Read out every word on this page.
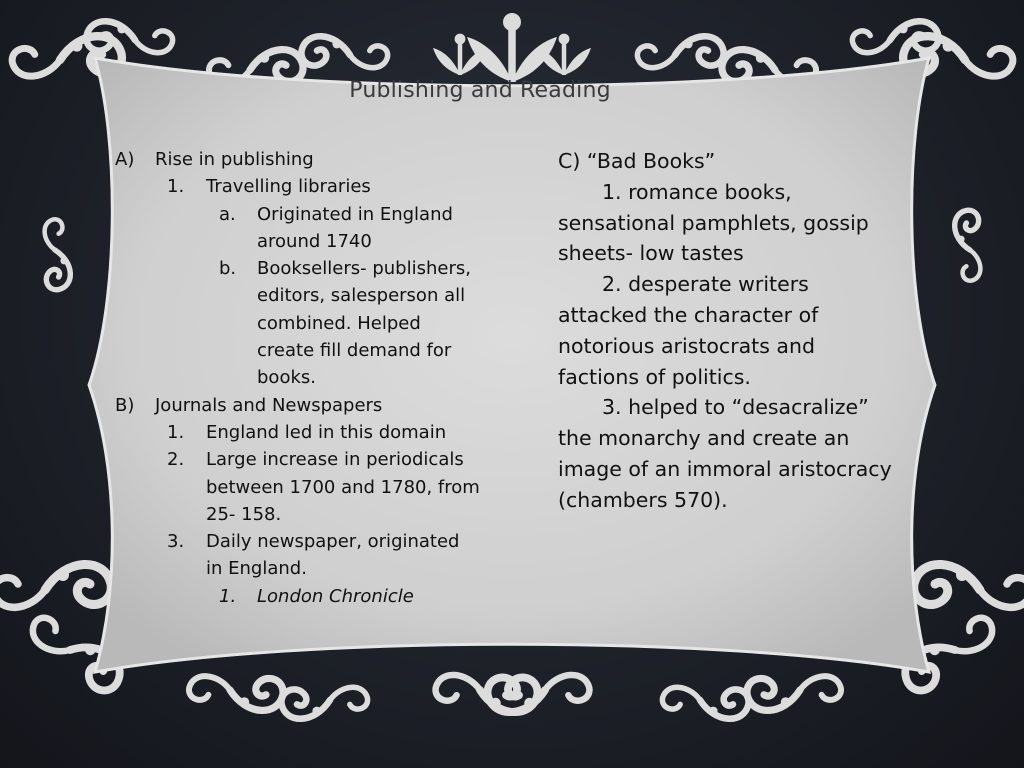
Publishing and Reading
A)	Rise in publishing
1.	Travelling libraries
a.	Originated in England
around 1740
b.	Booksellers- publishers,
editors, salesperson all
combined. Helped
create fill demand for
books.
B)	Journals and Newspapers
1.	England led in this domain
2.	Large increase in periodicals
between 1700 and 1780, from
25- 158.
3.	Daily newspaper, originated
in England.
1.	London Chronicle
C) “Bad Books”
1. romance books,
sensational pamphlets, gossip
sheets- low tastes
2. desperate writers
attacked the character of
notorious aristocrats and
factions of politics.
3. helped to “desacralize”
the monarchy and create an
image of an immoral aristocracy
(chambers 570).
